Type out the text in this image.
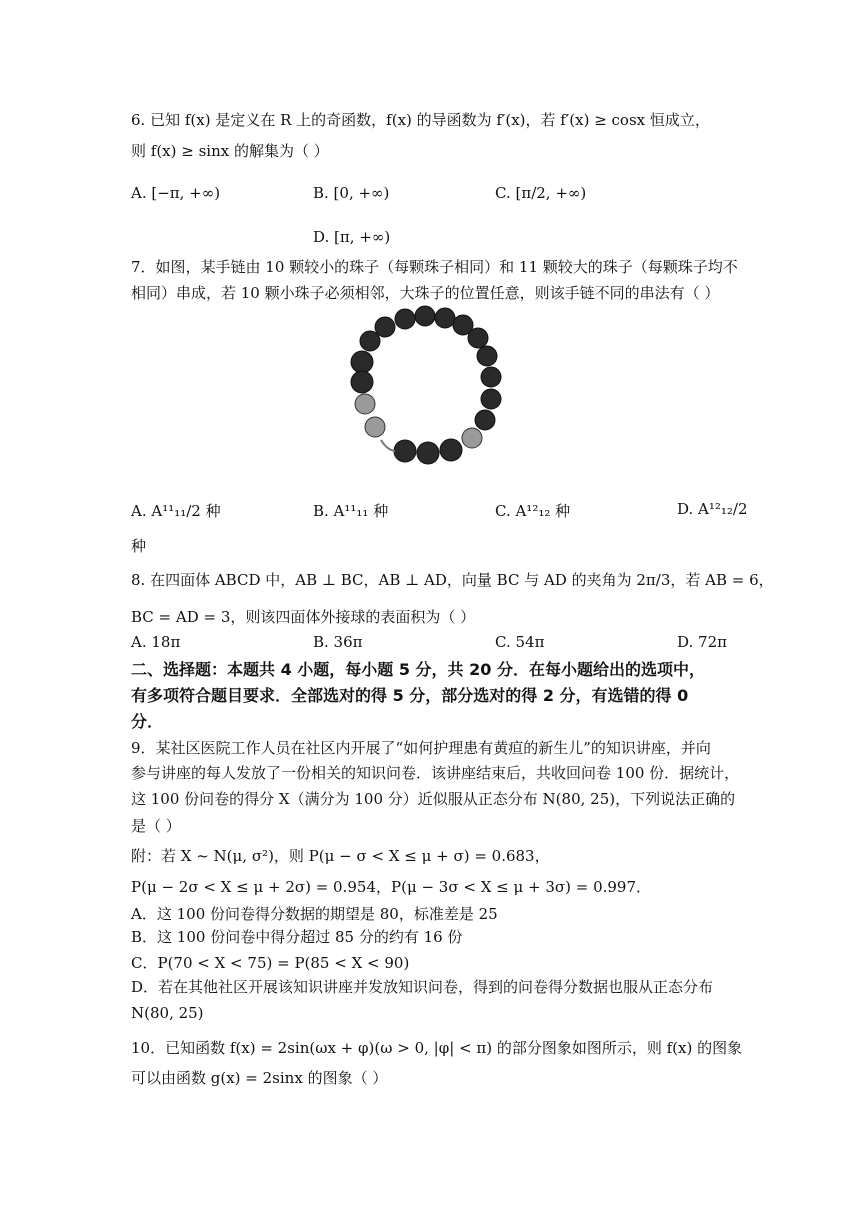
6. 已知 f(x) 是定义在 R 上的奇函数，f(x) 的导函数为 f′(x)，若 f′(x) ≥ cosx 恒成立，
则 f(x) ≥ sinx 的解集为（ ）
A. [−π, +∞)	B. [0, +∞)	C. [π/2, +∞)
D. [π, +∞)
7．如图，某手链由 10 颗较小的珠子（每颗珠子相同）和 11 颗较大的珠子（每颗珠子均不
相同）串成，若 10 颗小珠子必须相邻，大珠子的位置任意，则该手链不同的串法有（ ）
A. A¹¹₁₁/2 种	B. A¹¹₁₁ 种	C. A¹²₁₂ 种	D. A¹²₁₂/2
种
8. 在四面体 ABCD 中，AB ⊥ BC，AB ⊥ AD，向量 BC 与 AD 的夹角为 2π/3，若 AB = 6，
BC = AD = 3，则该四面体外接球的表面积为（ ）
A. 18π	B. 36π	C. 54π	D. 72π
二、选择题：本题共 4 小题，每小题 5 分，共 20 分．在每小题给出的选项中，
有多项符合题目要求．全部选对的得 5 分，部分选对的得 2 分，有选错的得 0
分．
9．某社区医院工作人员在社区内开展了“如何护理患有黄疸的新生儿”的知识讲座，并向
参与讲座的每人发放了一份相关的知识问卷．该讲座结束后，共收回问卷 100 份．据统计，
这 100 份问卷的得分 X（满分为 100 分）近似服从正态分布 N(80, 25)，下列说法正确的
是（ ）
附：若 X ~ N(μ, σ²)，则 P(μ − σ < X ≤ μ + σ) = 0.683，
P(μ − 2σ < X ≤ μ + 2σ) = 0.954，P(μ − 3σ < X ≤ μ + 3σ) = 0.997．
A．这 100 份问卷得分数据的期望是 80，标准差是 25
B．这 100 份问卷中得分超过 85 分的约有 16 份
C．P(70 < X < 75) = P(85 < X < 90)
D．若在其他社区开展该知识讲座并发放知识问卷，得到的问卷得分数据也服从正态分布
N(80, 25)
10．已知函数 f(x) = 2sin(ωx + φ)(ω > 0, |φ| < π) 的部分图象如图所示，则 f(x) 的图象
可以由函数 g(x) = 2sinx 的图象（ ）
